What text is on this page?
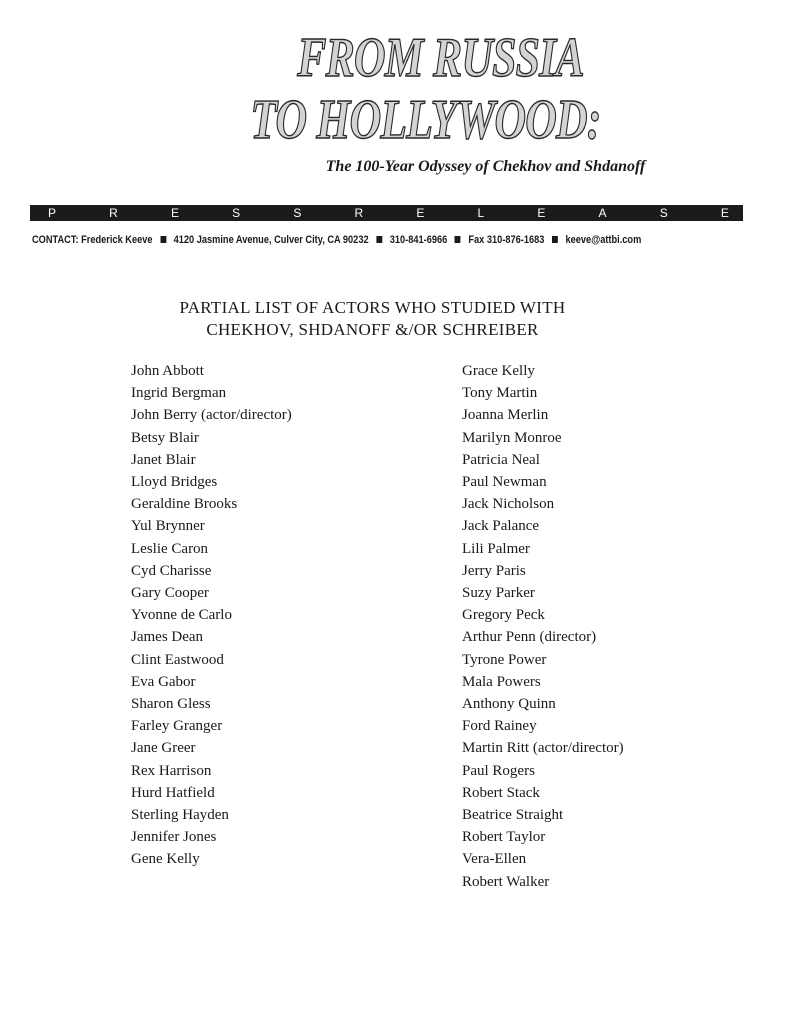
FROM RUSSIA
TO HOLLYWOOD:
The 100-Year Odyssey of Chekhov and Shdanoff
P	R	E	S	S	R	E	L	E	A	S	E
CONTACT: Frederick Keeve 4120 Jasmine Avenue, Culver City, CA 90232 310-841-6966 Fax 310-876-1683 keeve@attbi.com
PARTIAL LIST OF ACTORS WHO STUDIED WITH
CHEKHOV, SHDANOFF &/OR SCHREIBER
John Abbott
Ingrid Bergman
John Berry (actor/director)
Betsy Blair
Janet Blair
Lloyd Bridges
Geraldine Brooks
Yul Brynner
Leslie Caron
Cyd Charisse
Gary Cooper
Yvonne de Carlo
James Dean
Clint Eastwood
Eva Gabor
Sharon Gless
Farley Granger
Jane Greer
Rex Harrison
Hurd Hatfield
Sterling Hayden
Jennifer Jones
Gene Kelly
Grace Kelly
Tony Martin
Joanna Merlin
Marilyn Monroe
Patricia Neal
Paul Newman
Jack Nicholson
Jack Palance
Lili Palmer
Jerry Paris
Suzy Parker
Gregory Peck
Arthur Penn (director)
Tyrone Power
Mala Powers
Anthony Quinn
Ford Rainey
Martin Ritt (actor/director)
Paul Rogers
Robert Stack
Beatrice Straight
Robert Taylor
Vera-Ellen
Robert Walker
